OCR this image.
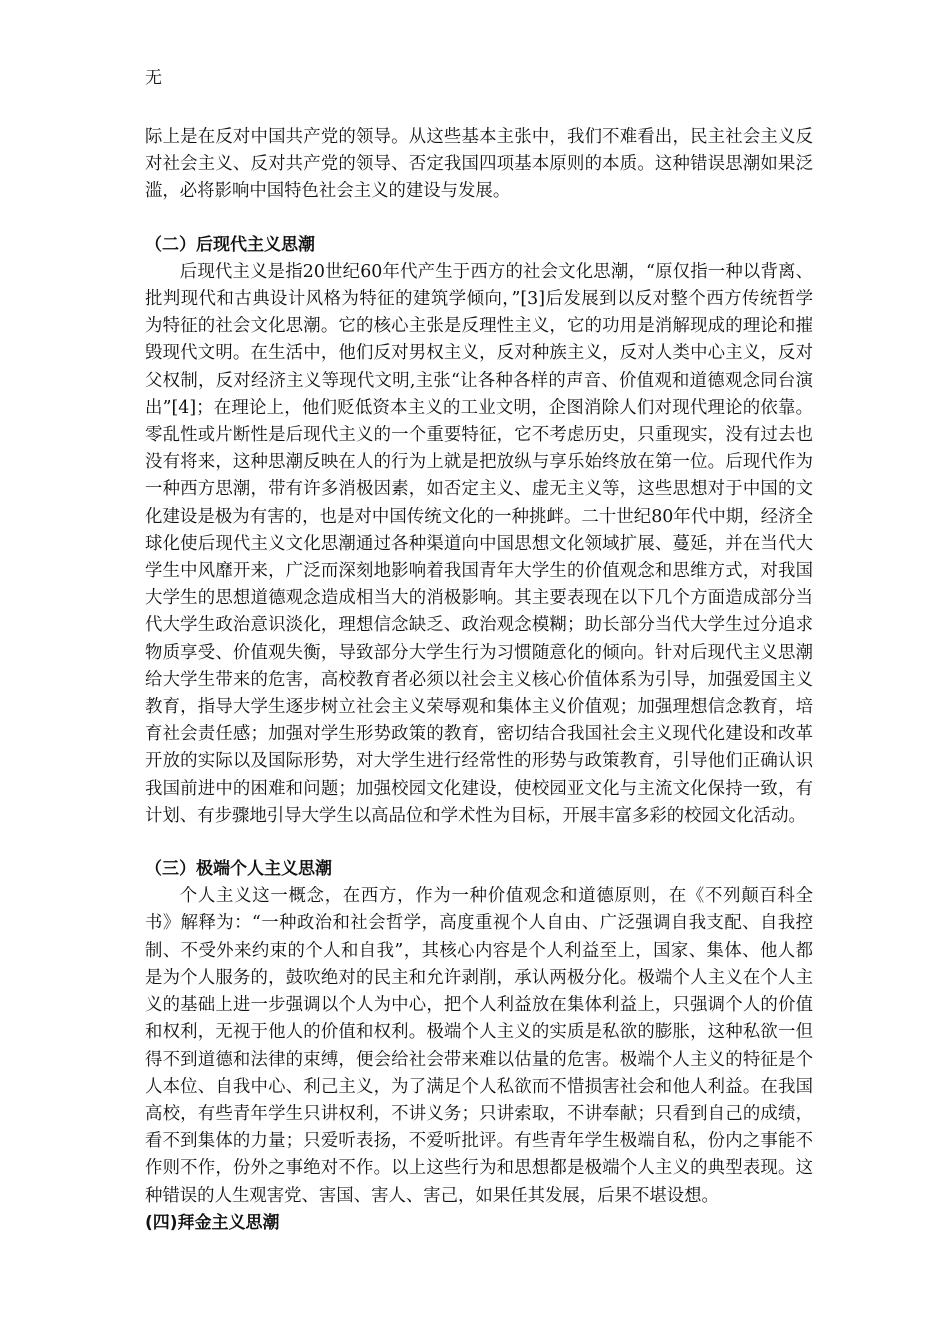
无

际上是在反对中国共产党的领导。从这些基本主张中，我们不难看出，民主社会主义反对社会主义、反对共产党的领导、否定我国四项基本原则的本质。这种错误思潮如果泛滥，必将影响中国特色社会主义的建设与发展。

（二）后现代主义思潮

后现代主义是指20世纪60年代产生于西方的社会文化思潮，“原仅指一种以背离、批判现代和古典设计风格为特征的建筑学倾向，”[3]后发展到以反对整个西方传统哲学为特征的社会文化思潮。它的核心主张是反理性主义，它的功用是消解现成的理论和摧毁现代文明。在生活中，他们反对男权主义，反对种族主义，反对人类中心主义，反对父权制，反对经济主义等现代文明,主张“让各种各样的声音、价值观和道德观念同台演出”[4]；在理论上，他们贬低资本主义的工业文明，企图消除人们对现代理论的依靠。零乱性或片断性是后现代主义的一个重要特征，它不考虑历史，只重现实，没有过去也没有将来，这种思潮反映在人的行为上就是把放纵与享乐始终放在第一位。后现代作为一种西方思潮，带有许多消极因素，如否定主义、虚无主义等，这些思想对于中国的文化建设是极为有害的，也是对中国传统文化的一种挑衅。二十世纪80年代中期，经济全球化使后现代主义文化思潮通过各种渠道向中国思想文化领域扩展、蔓延，并在当代大学生中风靡开来，广泛而深刻地影响着我国青年大学生的价值观念和思维方式，对我国大学生的思想道德观念造成相当大的消极影响。其主要表现在以下几个方面造成部分当代大学生政治意识淡化，理想信念缺乏、政治观念模糊；助长部分当代大学生过分追求物质享受、价值观失衡，导致部分大学生行为习惯随意化的倾向。针对后现代主义思潮给大学生带来的危害，高校教育者必须以社会主义核心价值体系为引导，加强爱国主义教育，指导大学生逐步树立社会主义荣辱观和集体主义价值观；加强理想信念教育，培育社会责任感；加强对学生形势政策的教育，密切结合我国社会主义现代化建设和改革开放的实际以及国际形势，对大学生进行经常性的形势与政策教育，引导他们正确认识我国前进中的困难和问题；加强校园文化建设，使校园亚文化与主流文化保持一致，有计划、有步骤地引导大学生以高品位和学术性为目标，开展丰富多彩的校园文化活动。

（三）极端个人主义思潮

个人主义这一概念，在西方，作为一种价值观念和道德原则，在《不列颠百科全书》解释为：“一种政治和社会哲学，高度重视个人自由、广泛强调自我支配、自我控制、不受外来约束的个人和自我”，其核心内容是个人利益至上，国家、集体、他人都是为个人服务的，鼓吹绝对的民主和允许剥削，承认两极分化。极端个人主义在个人主义的基础上进一步强调以个人为中心，把个人利益放在集体利益上，只强调个人的价值和权利，无视于他人的价值和权利。极端个人主义的实质是私欲的膨胀，这种私欲一但得不到道德和法律的束缚，便会给社会带来难以估量的危害。极端个人主义的特征是个人本位、自我中心、利己主义，为了满足个人私欲而不惜损害社会和他人利益。在我国高校，有些青年学生只讲权利，不讲义务；只讲索取，不讲奉献；只看到自己的成绩，看不到集体的力量；只爱听表扬，不爱听批评。有些青年学生极端自私，份内之事能不作则不作，份外之事绝对不作。以上这些行为和思想都是极端个人主义的典型表现。这种错误的人生观害党、害国、害人、害己，如果任其发展，后果不堪设想。

(四)拜金主义思潮
